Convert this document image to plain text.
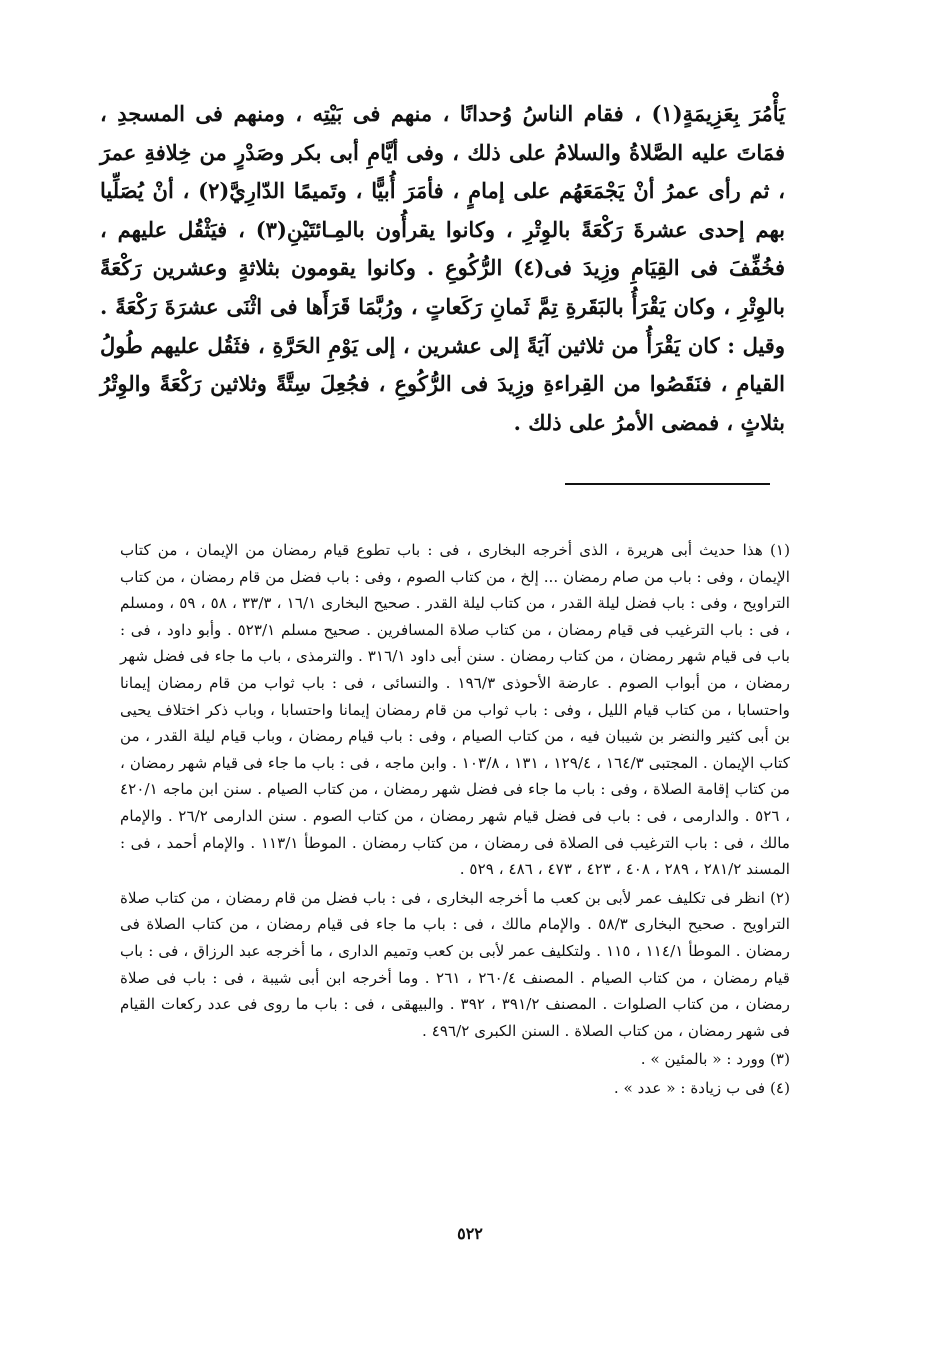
يَأْمُرَ بِعَزِيمَةٍ(١) ، فقام الناسُ وُحدانًا ، منهم فى بَيْتِه ، ومنهم فى المسجدِ ، فمَاتَ عليه الصَّلاةُ والسلامُ على ذلك ، وفى أيَّامِ أبى بكر وصَدْرٍ من خِلافةِ عمرَ ، ثم رأى عمرُ أنْ يَجْمَعَهُم على إمامٍ ، فأمَرَ أُبيًّا ، وتَميمًا الدّارِيَّ(٢) ، أنْ يُصَلِّيا بهم إحدى عشرةَ رَكْعَةً بالوِتْرِ ، وكانوا يقرأُون بالمِـائتَيْنِ(٣) ، فيَثْقُل عليهم ، فخُفِّفَ فى القِيَامِ وزِيدَ فى(٤) الرُّكُوعِ . وكانوا يقومون بثلاثةٍ وعشرين رَكْعَةً بالوِتْرِ ، وكان يَقْرَأُ بالبَقَرةِ تِمَّ ثَمانِ رَكَعاتٍ ، ورُبَّمَا قَرَأَها فى اثْنَى عشرَةَ رَكْعَةً . وقيل : كان يَقْرَأُ من ثلاثين آيَةً إلى عشرين ، إلى يَوْمِ الحَرَّةِ ، فثَقُل عليهم طُولُ القيامِ ، فنَقَصُوا من القِراءةِ وزِيدَ فى الرُّكُوعِ ، فجُعِلَ سِتَّةً وثلاثين رَكْعَةً والوِتْرُ بثلاثٍ ، فمضى الأمرُ على ذلك .

(١) هذا حديث أبى هريرة ، الذى أخرجه البخارى ، فى : باب تطوع قيام رمضان من الإيمان ، من كتاب الإيمان ، وفى : باب من صام رمضان ... إلخ ، من كتاب الصوم ، وفى : باب فضل من قام رمضان ، من كتاب التراويح ، وفى : باب فضل ليلة القدر ، من كتاب ليلة القدر . صحيح البخارى ١٦/١ ، ٣٣/٣ ، ٥٨ ، ٥٩ ، ومسلم ، فى : باب الترغيب فى قيام رمضان ، من كتاب صلاة المسافرين . صحيح مسلم ٥٢٣/١ . وأبو داود ، فى : باب فى قيام شهر رمضان ، من كتاب رمضان . سنن أبى داود ٣١٦/١ . والترمذى ، باب ما جاء فى فضل شهر رمضان ، من أبواب الصوم . عارضة الأحوذى ١٩٦/٣ . والنسائى ، فى : باب ثواب من قام رمضان إيمانا واحتسابا ، من كتاب قيام الليل ، وفى : باب ثواب من قام رمضان إيمانا واحتسابا ، وباب ذكر اختلاف يحيى بن أبى كثير والنضر بن شيبان فيه ، من كتاب الصيام ، وفى : باب قيام رمضان ، وباب قيام ليلة القدر ، من كتاب الإيمان . المجتبى ١٦٤/٣ ، ١٢٩/٤ ، ١٣١ ، ١٠٣/٨ . وابن ماجه ، فى : باب ما جاء فى قيام شهر رمضان ، من كتاب إقامة الصلاة ، وفى : باب ما جاء فى فضل شهر رمضان ، من كتاب الصيام . سنن ابن ماجه ٤٢٠/١ ، ٥٢٦ . والدارمى ، فى : باب فى فضل قيام شهر رمضان ، من كتاب الصوم . سنن الدارمى ٢٦/٢ . والإمام مالك ، فى : باب الترغيب فى الصلاة فى رمضان ، من كتاب رمضان . الموطأ ١١٣/١ . والإمام أحمد ، فى : المسند ٢٨١/٢ ، ٢٨٩ ، ٤٠٨ ، ٤٢٣ ، ٤٧٣ ، ٤٨٦ ، ٥٢٩ .

(٢) انظر فى تكليف عمر لأبى بن كعب ما أخرجه البخارى ، فى : باب فضل من قام رمضان ، من كتاب صلاة التراويح . صحيح البخارى ٥٨/٣ . والإمام مالك ، فى : باب ما جاء فى قيام رمضان ، من كتاب الصلاة فى رمضان . الموطأ ١١٤/١ ، ١١٥ . ولتكليف عمر لأبى بن كعب وتميم الدارى ، ما أخرجه عبد الرزاق ، فى : باب قيام رمضان ، من كتاب الصيام . المصنف ٢٦٠/٤ ، ٢٦١ . وما أخرجه ابن أبى شيبة ، فى : باب فى صلاة رمضان ، من كتاب الصلوات . المصنف ٣٩١/٢ ، ٣٩٢ . والبيهقى ، فى : باب ما روى فى عدد ركعات القيام فى شهر رمضان ، من كتاب الصلاة . السنن الكبرى ٤٩٦/٢ .

(٣) وورد : « بالمئين » .

(٤) فى ب زيادة : « عدد » .

٥٢٢
